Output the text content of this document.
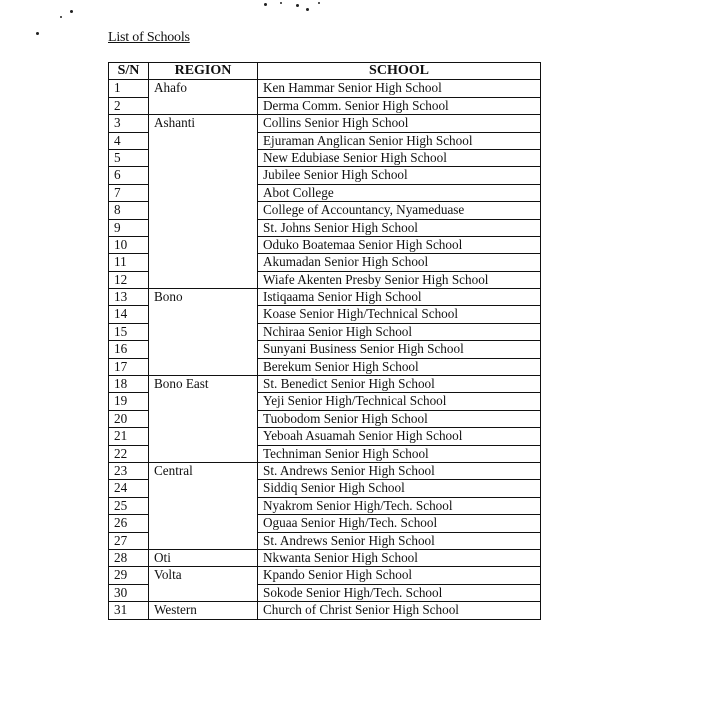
List of Schools
S/N	REGION	SCHOOL
1	Ahafo	Ken Hammar Senior High School
2		Derma Comm. Senior High School
3	Ashanti	Collins Senior High School
4		Ejuraman Anglican Senior High School
5		New Edubiase Senior High School
6		Jubilee Senior High School
7		Abot College
8		College of Accountancy, Nyameduase
9		St. Johns Senior High School
10		Oduko Boatemaa Senior High School
11		Akumadan Senior High School
12		Wiafe Akenten Presby Senior High School
13	Bono	Istiqaama Senior High School
14		Koase Senior High/Technical School
15		Nchiraa Senior High School
16		Sunyani Business Senior High School
17		Berekum Senior High School
18	Bono East	St. Benedict Senior High School
19		Yeji Senior High/Technical School
20		Tuobodom Senior High School
21		Yeboah Asuamah Senior High School
22		Techniman Senior High School
23	Central	St. Andrews Senior High School
24		Siddiq Senior High School
25		Nyakrom Senior High/Tech. School
26		Oguaa Senior High/Tech. School
27		St. Andrews Senior High School
28	Oti	Nkwanta Senior High School
29	Volta	Kpando Senior High School
30		Sokode Senior High/Tech. School
31	Western	Church of Christ Senior High School
